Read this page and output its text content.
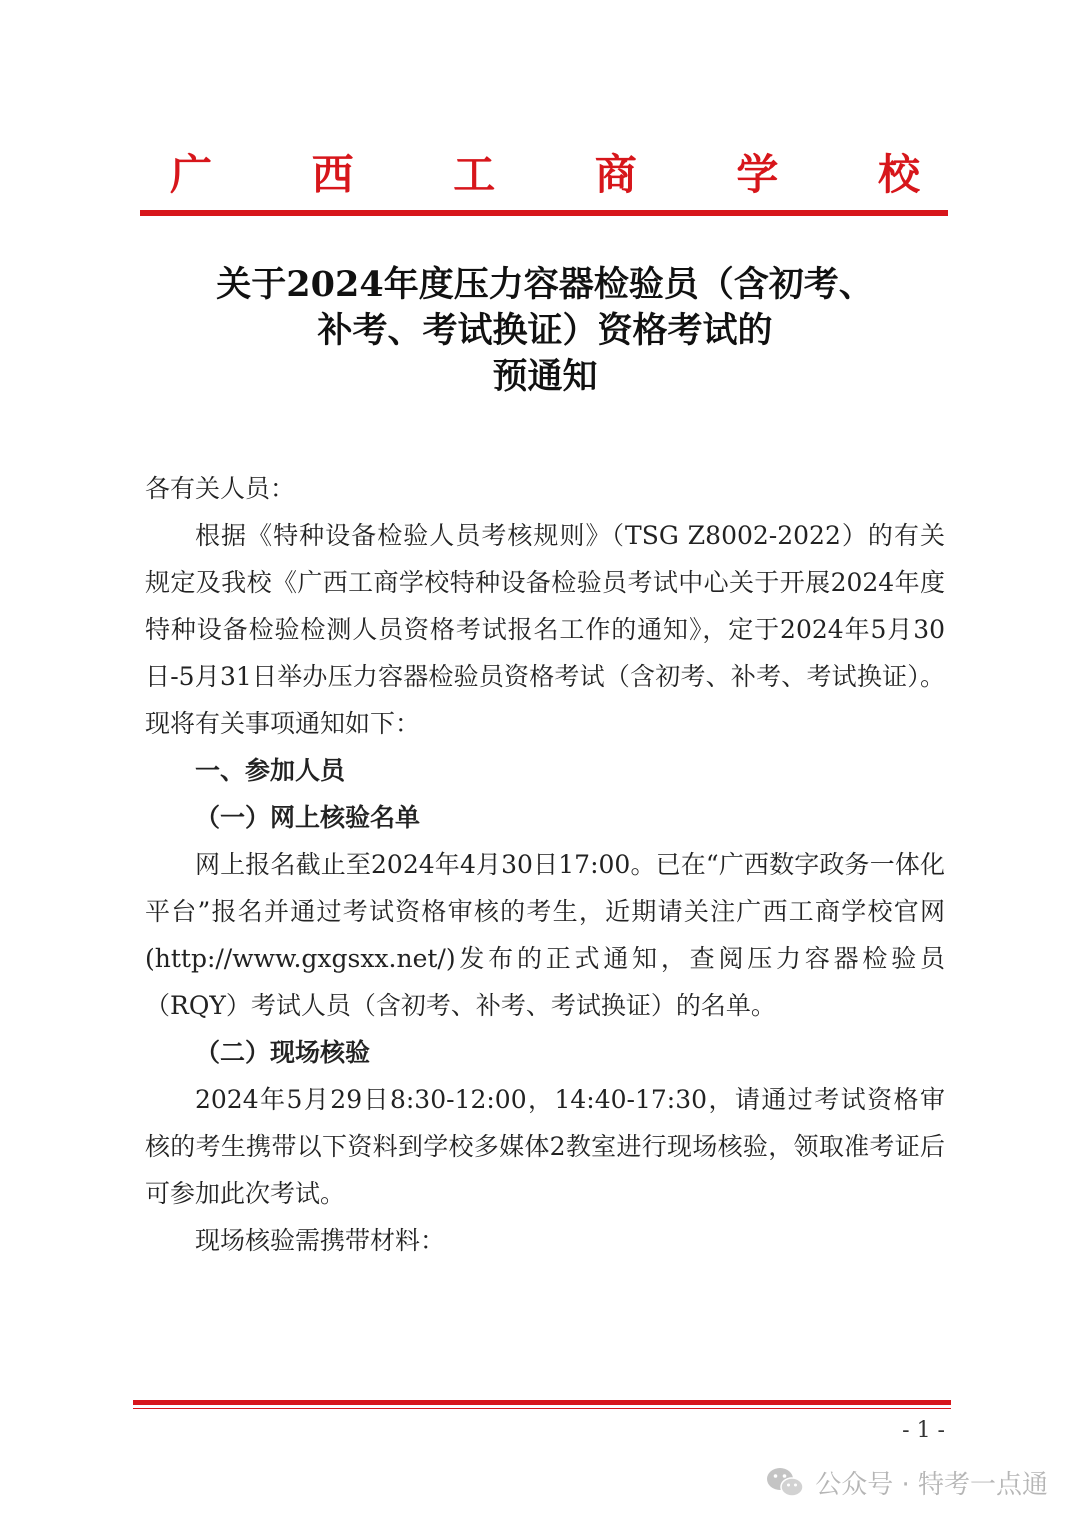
广 西 工 商 学 校
关于2024年度压力容器检验员（含初考、
补考、考试换证）资格考试的
预通知

各有关人员：

根据《特种设备检验人员考核规则》（TSG Z8002-2022）的有关规定及我校《广西工商学校特种设备检验员考试中心关于开展2024年度特种设备检验检测人员资格考试报名工作的通知》，定于2024年5月30日-5月31日举办压力容器检验员资格考试（含初考、补考、考试换证）。现将有关事项通知如下：

一、参加人员

（一）网上核验名单

网上报名截止至2024年4月30日17:00。已在“广西数字政务一体化平台”报名并通过考试资格审核的考生，近期请关注广西工商学校官网(http://www.gxgsxx.net/)发布的正式通知，查阅压力容器检验员（RQY）考试人员（含初考、补考、考试换证）的名单。

（二）现场核验

2024年5月29日8:30-12:00，14:40-17:30，请通过考试资格审核的考生携带以下资料到学校多媒体2教室进行现场核验，领取准考证后可参加此次考试。

现场核验需携带材料：

- 1 -
公众号 · 特考一点通
